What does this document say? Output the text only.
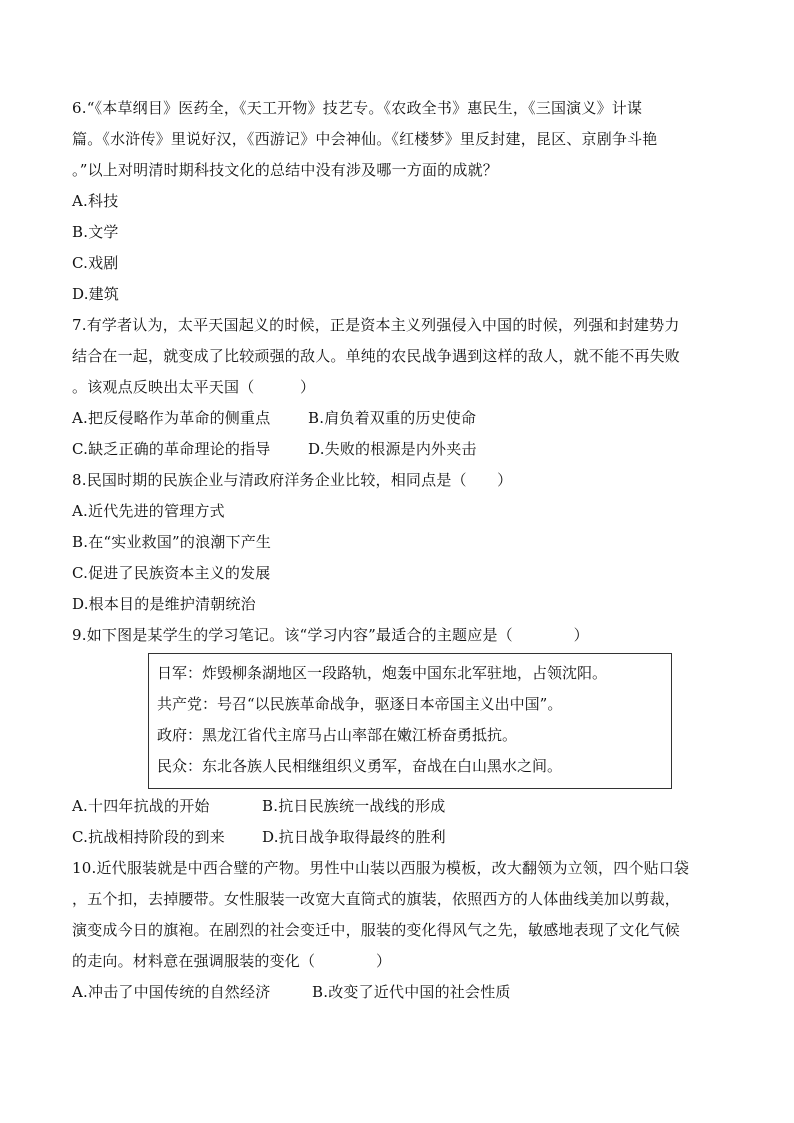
6.“《本草纲目》医药全，《天工开物》技艺专。《农政全书》惠民生，《三国演义》计谋
篇。《水浒传》里说好汉，《西游记》中会神仙。《红楼梦》里反封建，昆区、京剧争斗艳
。”以上对明清时期科技文化的总结中没有涉及哪一方面的成就？
A.科技
B.文学
C.戏剧
D.建筑
7.有学者认为，太平天国起义的时候，正是资本主义列强侵入中国的时候，列强和封建势力
结合在一起，就变成了比较顽强的敌人。单纯的农民战争遇到这样的敌人，就不能不再失败
。该观点反映出太平天国（　　　）
A.把反侵略作为革命的侧重点	B.肩负着双重的历史使命
C.缺乏正确的革命理论的指导	D.失败的根源是内外夹击
8.民国时期的民族企业与清政府洋务企业比较，相同点是（　　）
A.近代先进的管理方式
B.在“实业救国”的浪潮下产生
C.促进了民族资本主义的发展
D.根本目的是维护清朝统治
9.如下图是某学生的学习笔记。该“学习内容”最适合的主题应是（　　　　）
日军：炸毁柳条湖地区一段路轨，炮轰中国东北军驻地，占领沈阳。
共产党：号召“以民族革命战争，驱逐日本帝国主义出中国”。
政府：黑龙江省代主席马占山率部在嫩江桥奋勇抵抗。
民众：东北各族人民相继组织义勇军，奋战在白山黑水之间。
A.十四年抗战的开始	B.抗日民族统一战线的形成
C.抗战相持阶段的到来	D.抗日战争取得最终的胜利
10.近代服装就是中西合璧的产物。男性中山装以西服为模板，改大翻领为立领，四个贴口袋
，五个扣，去掉腰带。女性服装一改宽大直筒式的旗装，依照西方的人体曲线美加以剪裁，
演变成今日的旗袍。在剧烈的社会变迁中，服装的变化得风气之先，敏感地表现了文化气候
的走向。材料意在强调服装的变化（　　　　）
A.冲击了中国传统的自然经济	B.改变了近代中国的社会性质
